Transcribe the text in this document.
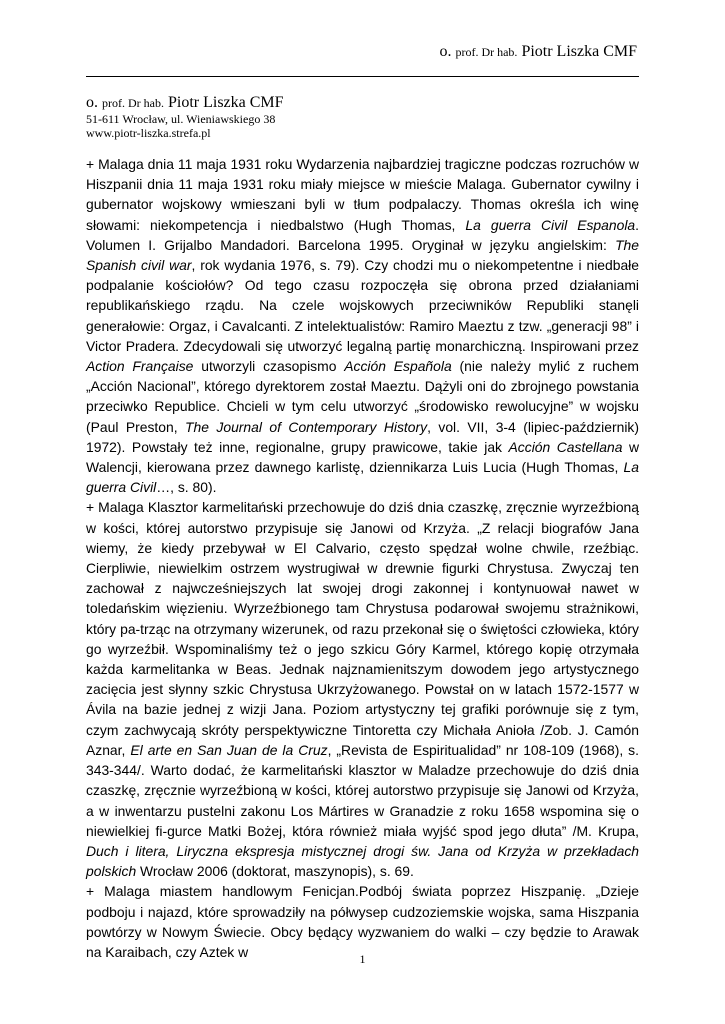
o. prof. Dr hab. Piotr Liszka CMF
o. prof. Dr hab. Piotr Liszka CMF
51-611 Wrocław, ul. Wieniawskiego 38
www.piotr-liszka.strefa.pl

+ Malaga dnia 11 maja 1931 roku Wydarzenia najbardziej tragiczne podczas rozruchów w Hiszpanii dnia 11 maja 1931 roku miały miejsce w mieście Malaga. Gubernator cywilny i gubernator wojskowy wmieszani byli w tłum podpalaczy. Thomas określa ich winę słowami: niekompetencja i niedbalstwo (Hugh Thomas, La guerra Civil Espanola. Volumen I. Grijalbo Mandadori. Barcelona 1995. Oryginał w języku angielskim: The Spanish civil war, rok wydania 1976, s. 79). Czy chodzi mu o niekompetentne i niedbałe podpalanie kościołów? Od tego czasu rozpoczęła się obrona przed działaniami republikańskiego rządu. Na czele wojskowych przeciwników Republiki stanęli generałowie: Orgaz, i Cavalcanti. Z intelektualistów: Ramiro Maeztu z tzw. „generacji 98” i Victor Pradera. Zdecydowali się utworzyć legalną partię monarchiczną. Inspirowani przez Action Française utworzyli czasopismo Acción Española (nie należy mylić z ruchem „Acción Nacional”, którego dyrektorem został Maeztu. Dążyli oni do zbrojnego powstania przeciwko Republice. Chcieli w tym celu utworzyć „środowisko rewolucyjne” w wojsku (Paul Preston, The Journal of Contemporary History, vol. VII, 3-4 (lipiec-październik) 1972). Powstały też inne, regionalne, grupy prawicowe, takie jak Acción Castellana w Walencji, kierowana przez dawnego karlistę, dziennikarza Luis Lucia (Hugh Thomas, La guerra Civil…, s. 80).

+ Malaga Klasztor karmelitański przechowuje do dziś dnia czaszkę, zręcznie wyrzeźbioną w kości, której autorstwo przypisuje się Janowi od Krzyża. „Z relacji biografów Jana wiemy, że kiedy przebywał w El Calvario, często spędzał wolne chwile, rzeźbiąc. Cierpliwie, niewielkim ostrzem wystrugiwał w drewnie figurki Chrystusa. Zwyczaj ten zachował z najwcześniejszych lat swojej drogi zakonnej i kontynuował nawet w toledańskim więzieniu. Wyrzeźbionego tam Chrystusa podarował swojemu strażnikowi, który pa-trząc na otrzymany wizerunek, od razu przekonał się o świętości człowieka, który go wyrzeźbił. Wspominaliśmy też o jego szkicu Góry Karmel, którego kopię otrzymała każda karmelitanka w Beas. Jednak najznamienitszym dowodem jego artystycznego zacięcia jest słynny szkic Chrystusa Ukrzyżowanego. Powstał on w latach 1572-1577 w Ávila na bazie jednej z wizji Jana. Poziom artystyczny tej grafiki porównuje się z tym, czym zachwycają skróty perspektywiczne Tintoretta czy Michała Anioła /Zob. J. Camón Aznar, El arte en San Juan de la Cruz, „Revista de Espiritualidad” nr 108-109 (1968), s. 343-344/. Warto dodać, że karmelitański klasztor w Maladze przechowuje do dziś dnia czaszkę, zręcznie wyrzeźbioną w kości, której autorstwo przypisuje się Janowi od Krzyża, a w inwentarzu pustelni zakonu Los Mártires w Granadzie z roku 1658 wspomina się o niewielkiej fi-gurce Matki Bożej, która również miała wyjść spod jego dłuta” /M. Krupa, Duch i litera, Liryczna ekspresja mistycznej drogi św. Jana od Krzyża w przekładach polskich Wrocław 2006 (doktorat, maszynopis), s. 69.

+ Malaga miastem handlowym Fenicjan.Podbój świata poprzez Hiszpanię. „Dzieje podboju i najazd, które sprowadziły na półwysep cudzoziemskie wojska, sama Hiszpania powtórzy w Nowym Świecie. Obcy będący wyzwaniem do walki – czy będzie to Arawak na Karaibach, czy Aztek w	1
